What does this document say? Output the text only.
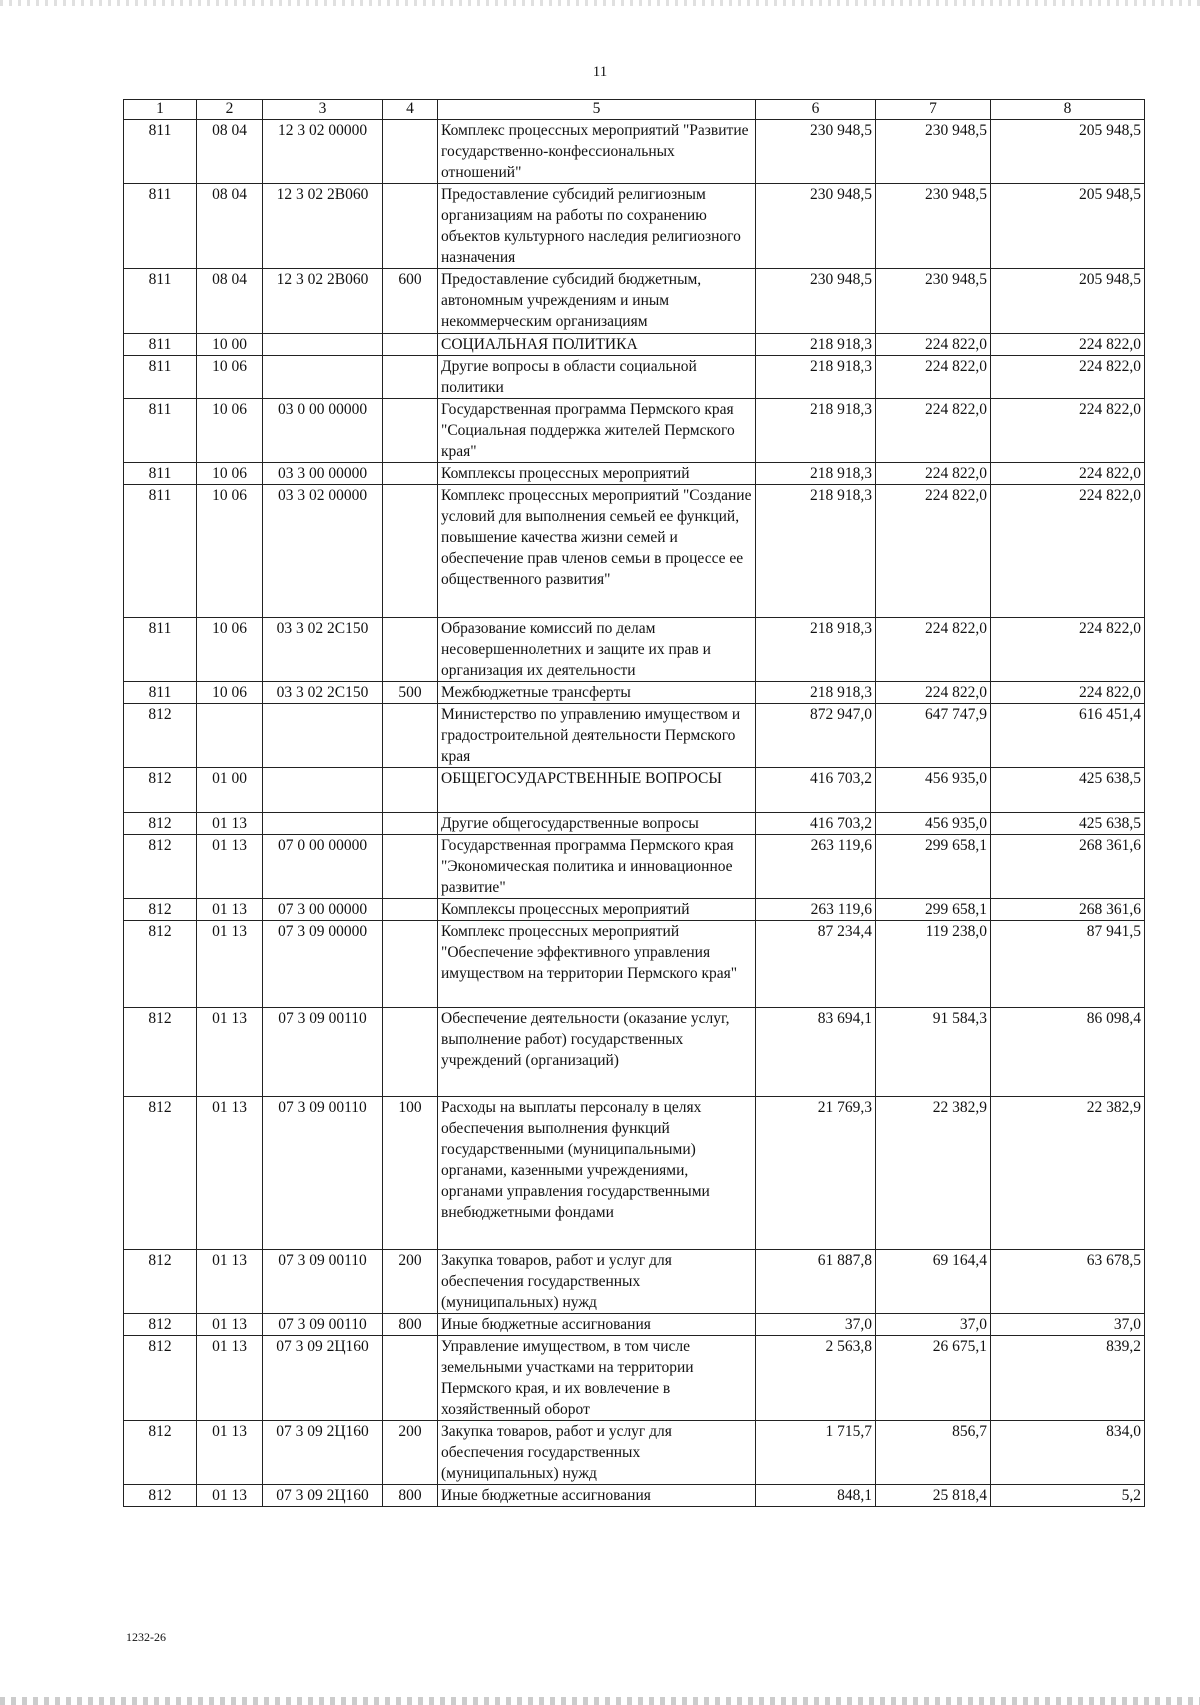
11
1	2	3	4	5	6	7	8
811	08 04	12 3 02 00000		Комплекс процессных мероприятий "Развитие государственно-конфессиональных отношений"	230 948,5	230 948,5	205 948,5
811	08 04	12 3 02 2В060		Предоставление субсидий религиозным организациям на работы по сохранению объектов культурного наследия религиозного назначения	230 948,5	230 948,5	205 948,5
811	08 04	12 3 02 2В060	600	Предоставление субсидий бюджетным, автономным учреждениям и иным некоммерческим организациям	230 948,5	230 948,5	205 948,5
811	10 00			СОЦИАЛЬНАЯ ПОЛИТИКА	218 918,3	224 822,0	224 822,0
811	10 06			Другие вопросы в области социальной политики	218 918,3	224 822,0	224 822,0
811	10 06	03 0 00 00000		Государственная программа Пермского края "Социальная поддержка жителей Пермского края"	218 918,3	224 822,0	224 822,0
811	10 06	03 3 00 00000		Комплексы процессных мероприятий	218 918,3	224 822,0	224 822,0
811	10 06	03 3 02 00000		Комплекс процессных мероприятий "Создание условий для выполнения семьей ее функций, повышение качества жизни семей и обеспечение прав членов семьи в процессе ее общественного развития"	218 918,3	224 822,0	224 822,0
811	10 06	03 3 02 2С150		Образование комиссий по делам несовершеннолетних и защите их прав и организация их деятельности	218 918,3	224 822,0	224 822,0
811	10 06	03 3 02 2С150	500	Межбюджетные трансферты	218 918,3	224 822,0	224 822,0
812				Министерство по управлению имуществом и градостроительной деятельности Пермского края	872 947,0	647 747,9	616 451,4
812	01 00			ОБЩЕГОСУДАРСТВЕННЫЕ ВОПРОСЫ	416 703,2	456 935,0	425 638,5
812	01 13			Другие общегосударственные вопросы	416 703,2	456 935,0	425 638,5
812	01 13	07 0 00 00000		Государственная программа Пермского края "Экономическая политика и инновационное развитие"	263 119,6	299 658,1	268 361,6
812	01 13	07 3 00 00000		Комплексы процессных мероприятий	263 119,6	299 658,1	268 361,6
812	01 13	07 3 09 00000		Комплекс процессных мероприятий "Обеспечение эффективного управления имуществом на территории Пермского края"	87 234,4	119 238,0	87 941,5
812	01 13	07 3 09 00110		Обеспечение деятельности (оказание услуг, выполнение работ) государственных учреждений (организаций)	83 694,1	91 584,3	86 098,4
812	01 13	07 3 09 00110	100	Расходы на выплаты персоналу в целях обеспечения выполнения функций государственными (муниципальными) органами, казенными учреждениями, органами управления государственными внебюджетными фондами	21 769,3	22 382,9	22 382,9
812	01 13	07 3 09 00110	200	Закупка товаров, работ и услуг для обеспечения государственных (муниципальных) нужд	61 887,8	69 164,4	63 678,5
812	01 13	07 3 09 00110	800	Иные бюджетные ассигнования	37,0	37,0	37,0
812	01 13	07 3 09 2Ц160		Управление имуществом, в том числе земельными участками на территории Пермского края, и их вовлечение в хозяйственный оборот	2 563,8	26 675,1	839,2
812	01 13	07 3 09 2Ц160	200	Закупка товаров, работ и услуг для обеспечения государственных (муниципальных) нужд	1 715,7	856,7	834,0
812	01 13	07 3 09 2Ц160	800	Иные бюджетные ассигнования	848,1	25 818,4	5,2
1232-26
